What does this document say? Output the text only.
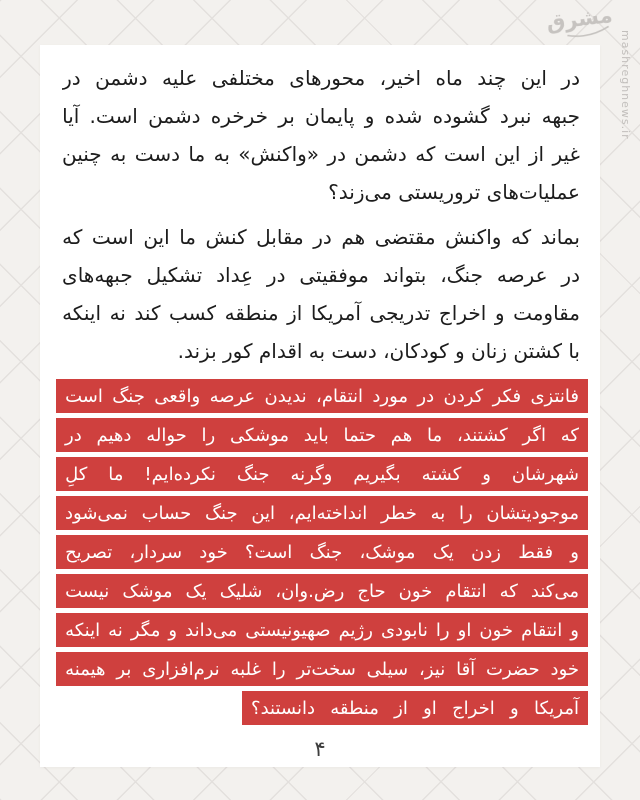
مشرق
mashreghnews.ir
در
این
چند
ماه
اخیر،
محورهای
مختلفی
علیه
دشمن
در
جبهه
نبرد
گشوده
شده
و
پایمان
بر
خرخره
دشمن
است.
آیا
غیر
از
این
است
که
دشمن
در
«واکنش»
به
ما
دست
به
چنین
عملیات‌های تروریستی می‌زند؟
بماند
که
واکنش
مقتضی
هم
در
مقابل
کنش
ما
این
است
که
در
عرصه
جنگ،
بتواند
موفقیتی
در
عِداد
تشکیل
جبهه‌های
مقاومت
و
اخراج
تدریجی
آمریکا
از
منطقه
کسب
کند
نه
اینکه
با کشتن زنان و کودکان، دست به اقدام کور بزند.
فانتزی
فکر
کردن
در
مورد
انتقام،
ندیدن
عرصه
واقعی
جنگ
است
که
اگر
کشتند،
ما
هم
حتما
باید
موشکی
را
حواله
دهیم
در
شهرشان
و
کشته
بگیریم
وگرنه
جنگ
نکرده‌ایم!
ما
کلِ
موجودیتشان
را
به
خطر
انداخته‌ایم،
این
جنگ
حساب
نمی‌شود
و
فقط
زدن
یک
موشک،
جنگ
است؟
خود
سردار،
تصریح
می‌کند
که
انتقام
خون
حاج
رض.وان،
شلیک
یک
موشک
نیست
و
انتقام
خون
او
را
نابودی
رژیم
صهیونیستی
می‌داند
و
مگر
نه
اینکه
خود
حضرت
آقا
نیز،
سیلی
سخت‌تر
را
غلبه
نرم‌افزاری
بر
هیمنه
آمریکا
و
اخراج
او
از
منطقه
دانستند؟
۴
